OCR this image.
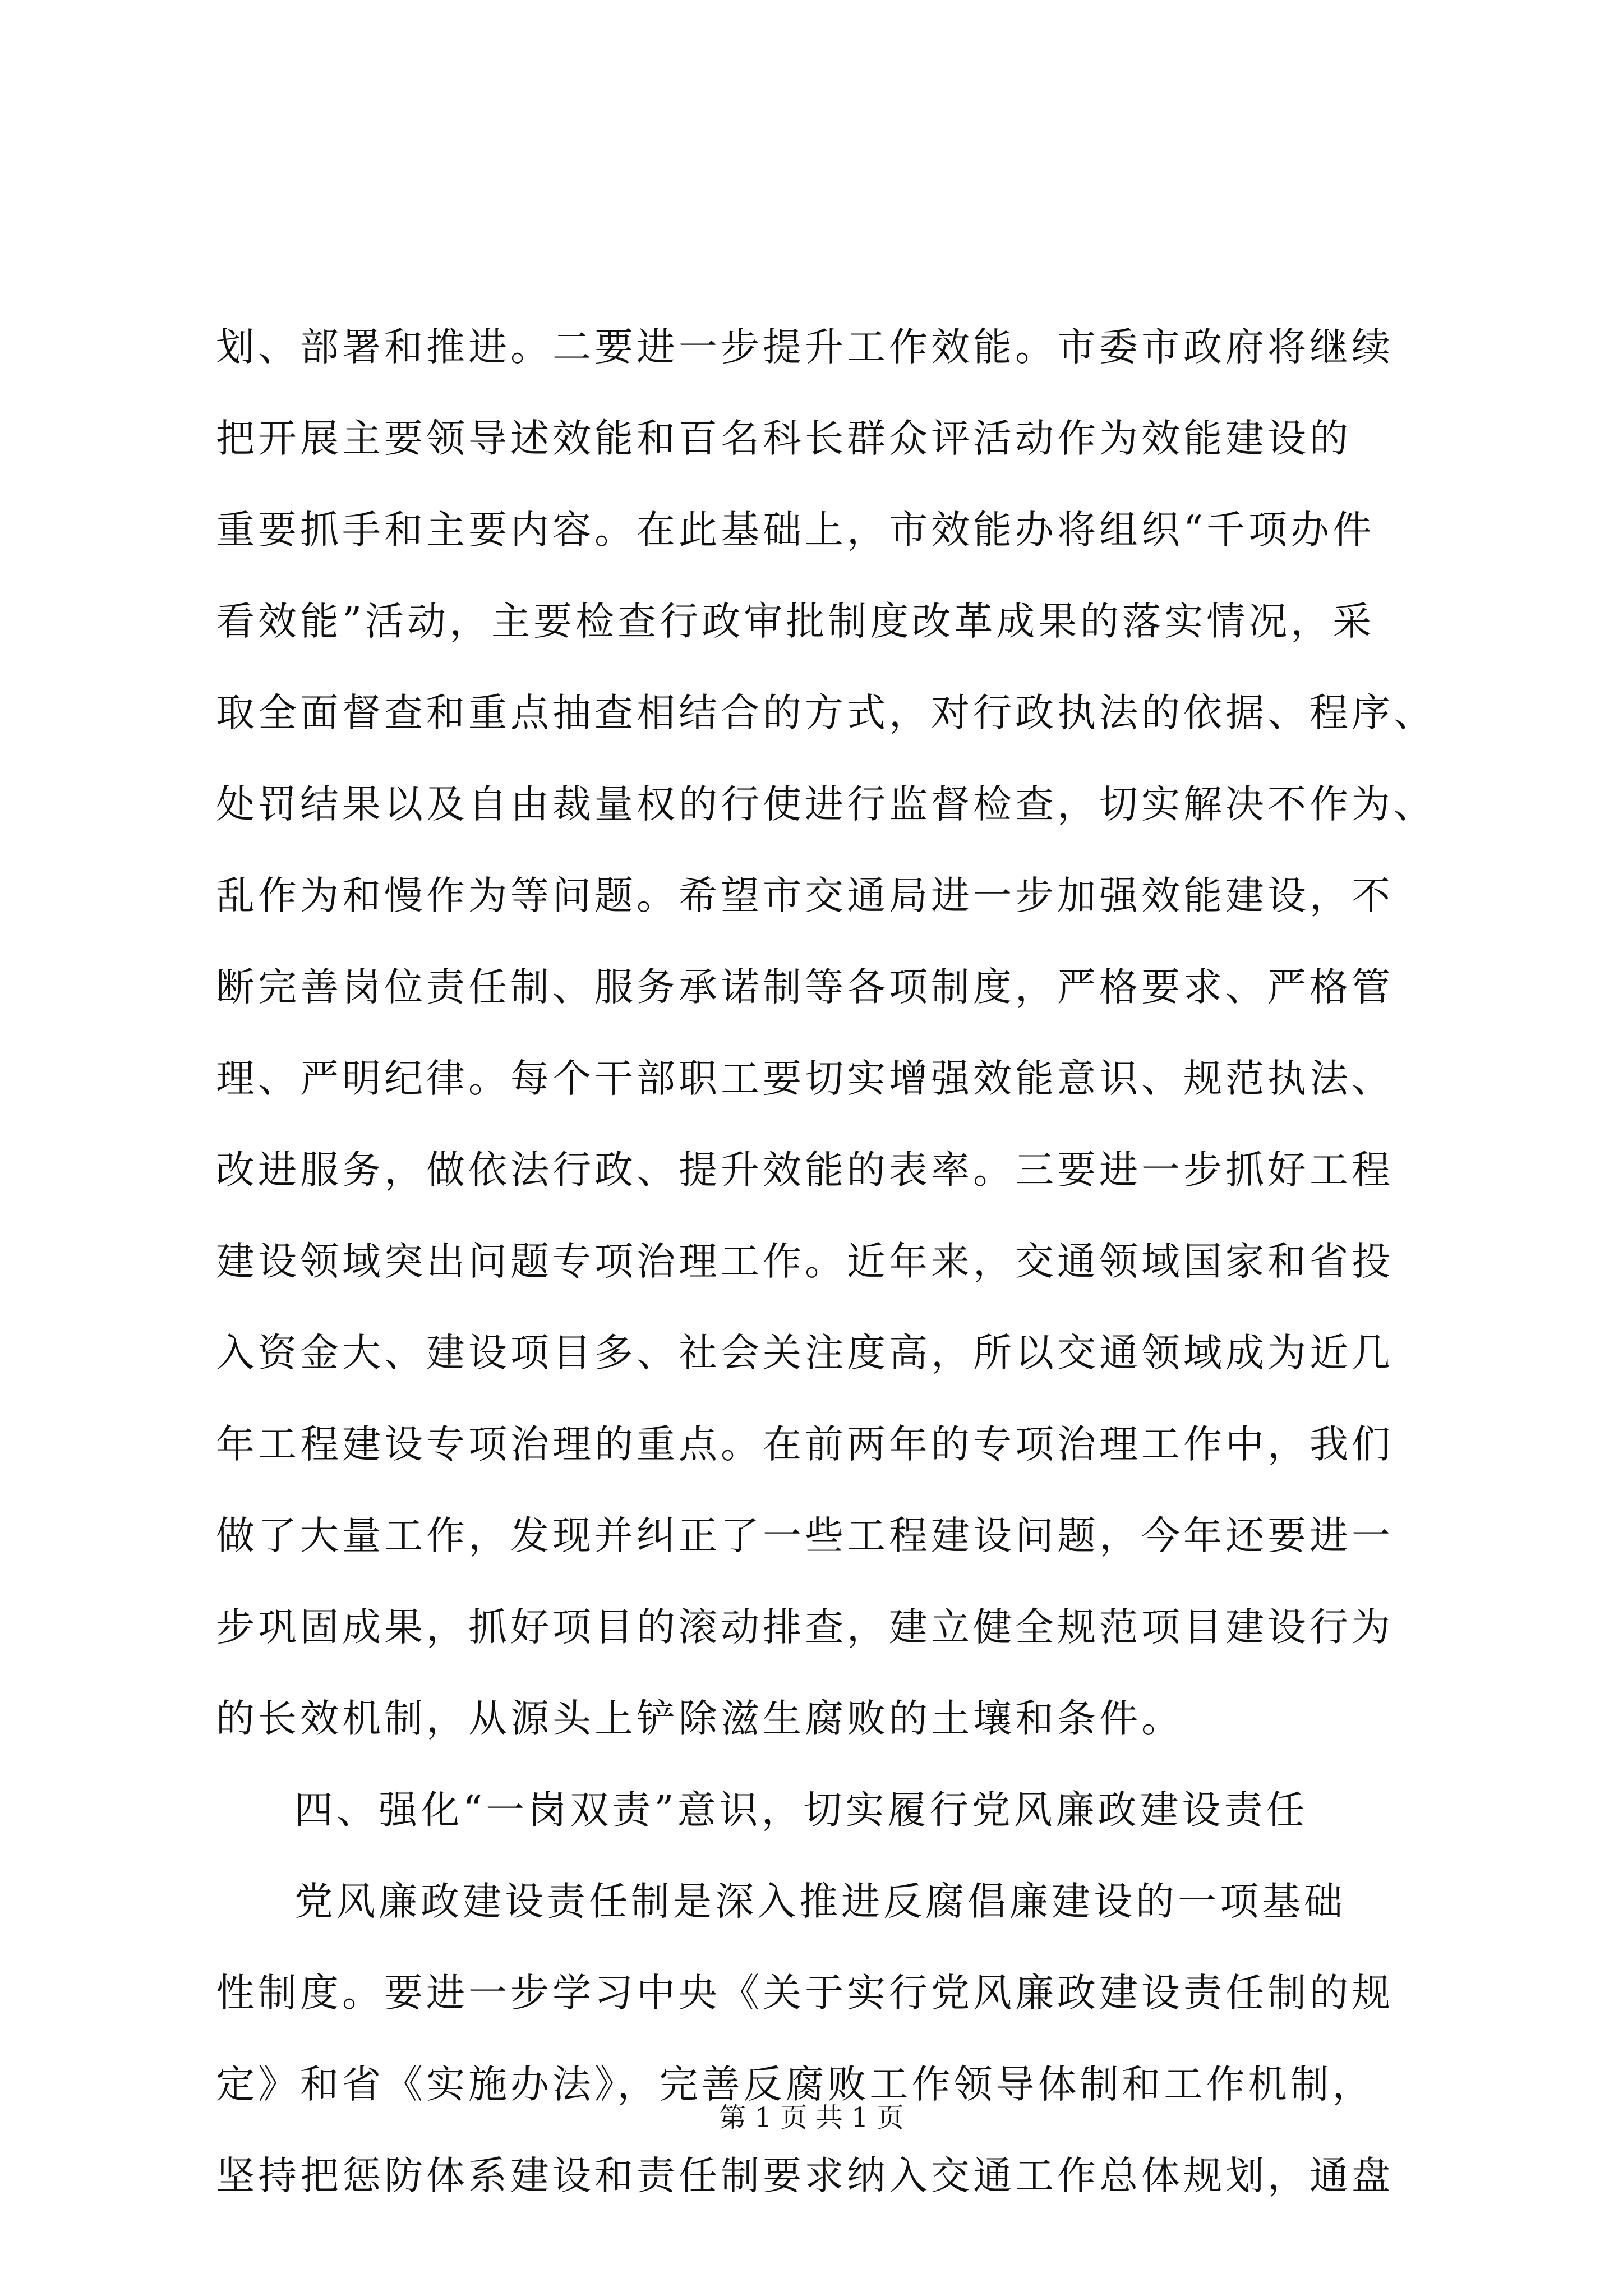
划、部署和推进。二要进一步提升工作效能。市委市政府将继续
把开展主要领导述效能和百名科长群众评活动作为效能建设的
重要抓手和主要内容。在此基础上，市效能办将组织“千项办件
看效能”活动，主要检查行政审批制度改革成果的落实情况，采
取全面督查和重点抽查相结合的方式，对行政执法的依据、程序、
处罚结果以及自由裁量权的行使进行监督检查，切实解决不作为、
乱作为和慢作为等问题。希望市交通局进一步加强效能建设，不
断完善岗位责任制、服务承诺制等各项制度，严格要求、严格管
理、严明纪律。每个干部职工要切实增强效能意识、规范执法、
改进服务，做依法行政、提升效能的表率。三要进一步抓好工程
建设领域突出问题专项治理工作。近年来，交通领域国家和省投
入资金大、建设项目多、社会关注度高，所以交通领域成为近几
年工程建设专项治理的重点。在前两年的专项治理工作中，我们
做了大量工作，发现并纠正了一些工程建设问题，今年还要进一
步巩固成果，抓好项目的滚动排查，建立健全规范项目建设行为
的长效机制，从源头上铲除滋生腐败的土壤和条件。
四、强化“一岗双责”意识，切实履行党风廉政建设责任
党风廉政建设责任制是深入推进反腐倡廉建设的一项基础
性制度。要进一步学习中央《关于实行党风廉政建设责任制的规
定》和省《实施办法》，完善反腐败工作领导体制和工作机制，
坚持把惩防体系建设和责任制要求纳入交通工作总体规划，通盘
第 1 页 共 1 页
